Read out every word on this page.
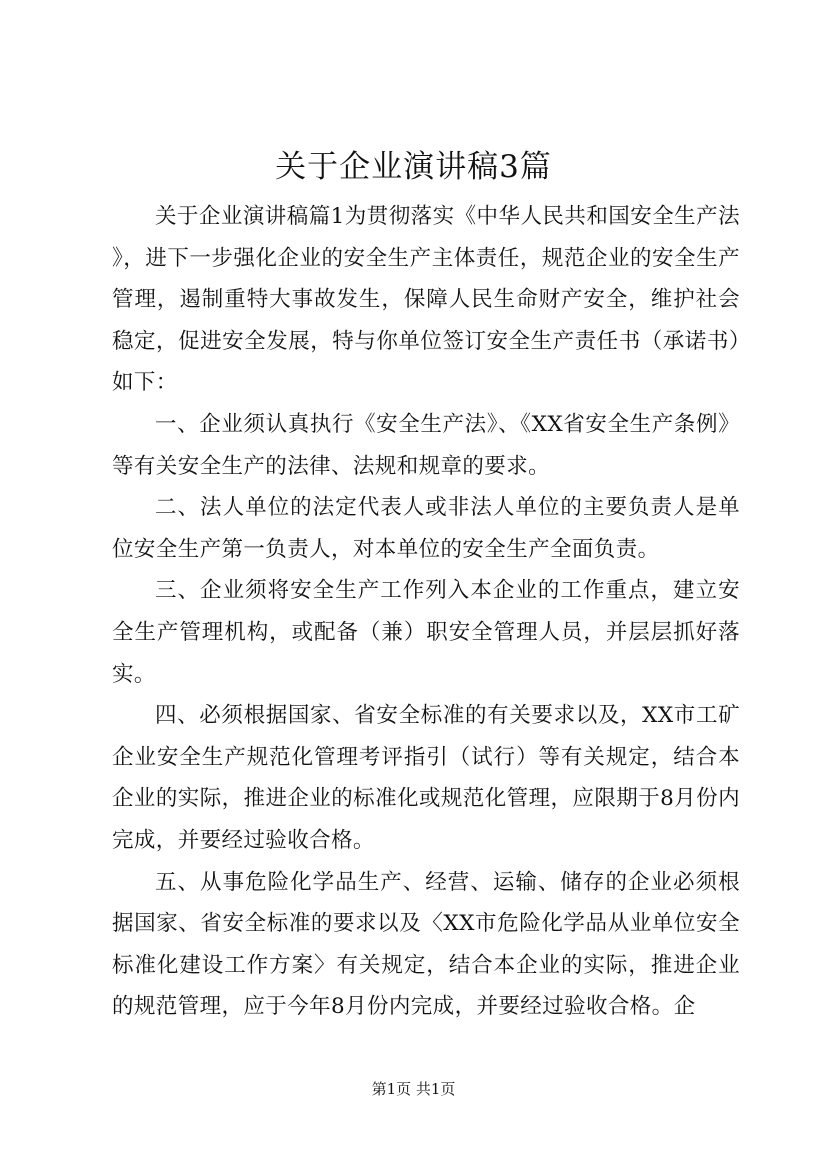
关于企业演讲稿3篇

关于企业演讲稿篇1为贯彻落实《中华人民共和国安全生产法》，进下一步强化企业的安全生产主体责任，规范企业的安全生产管理，遏制重特大事故发生，保障人民生命财产安全，维护社会稳定，促进安全发展，特与你单位签订安全生产责任书（承诺书）如下：

一、企业须认真执行《安全生产法》、《XX省安全生产条例》等有关安全生产的法律、法规和规章的要求。

二、法人单位的法定代表人或非法人单位的主要负责人是单位安全生产第一负责人，对本单位的安全生产全面负责。

三、企业须将安全生产工作列入本企业的工作重点，建立安全生产管理机构，或配备（兼）职安全管理人员，并层层抓好落实。

四、必须根据国家、省安全标准的有关要求以及，XX市工矿企业安全生产规范化管理考评指引（试行）等有关规定，结合本企业的实际，推进企业的标准化或规范化管理，应限期于8月份内完成，并要经过验收合格。

五、从事危险化学品生产、经营、运输、储存的企业必须根据国家、省安全标准的要求以及〈XX市危险化学品从业单位安全标准化建设工作方案〉有关规定，结合本企业的实际，推进企业的规范管理，应于今年8月份内完成，并要经过验收合格。企

第1页 共1页
